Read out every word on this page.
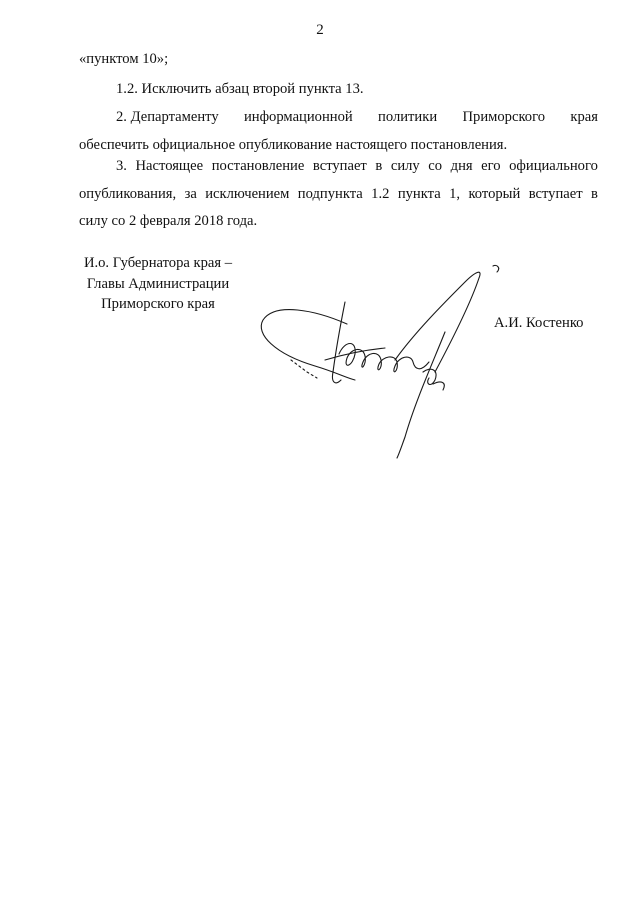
2
«пунктом 10»;
1.2. Исключить абзац второй пункта 13.
2. Департаменту информационной политики Приморского края
обеспечить официальное опубликование настоящего постановления.
3. Настоящее постановление вступает в силу со дня его официального
опубликования, за исключением подпункта 1.2 пункта 1, который вступает в
силу со 2 февраля 2018 года.
И.о. Губернатора края –
Главы Администрации
Приморского края
А.И. Костенко
